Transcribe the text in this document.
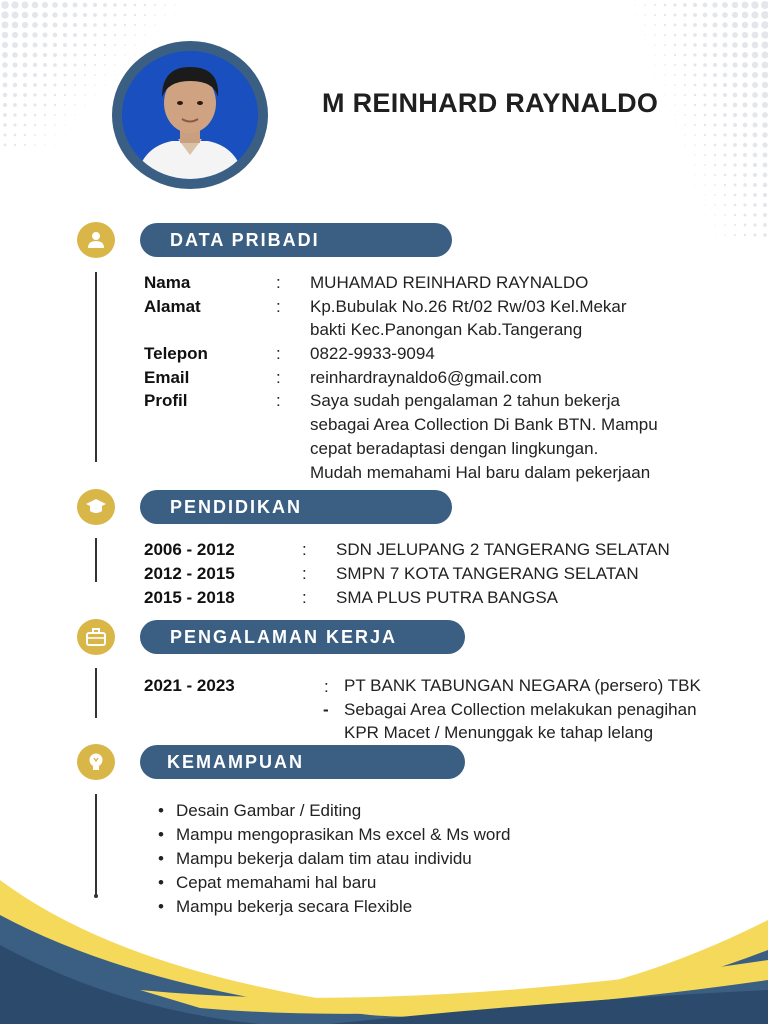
M REINHARD RAYNALDO
DATA PRIBADI
Nama	: MUHAMAD REINHARD RAYNALDO
Alamat	: Kp.Bubulak No.26 Rt/02 Rw/03 Kel.Mekar
bakti Kec.Panongan Kab.Tangerang
Telepon	: 0822-9933-9094
Email	: reinhardraynaldo6@gmail.com
Profil	: Saya sudah pengalaman 2 tahun bekerja
sebagai Area Collection Di Bank BTN. Mampu
cepat beradaptasi dengan lingkungan.
Mudah memahami Hal baru dalam pekerjaan
PENDIDIKAN
2006 - 2012	: SDN JELUPANG 2 TANGERANG SELATAN
2012 - 2015	: SMPN 7 KOTA TANGERANG SELATAN
2015 - 2018	: SMA PLUS PUTRA BANGSA
PENGALAMAN KERJA
2021 - 2023	: PT BANK TABUNGAN NEGARA (persero) TBK
- Sebagai Area Collection melakukan penagihan
KPR Macet / Menunggak ke tahap lelang
KEMAMPUAN
• Desain Gambar / Editing
• Mampu mengoprasikan Ms excel & Ms word
• Mampu bekerja dalam tim atau individu
• Cepat memahami hal baru
• Mampu bekerja secara Flexible
